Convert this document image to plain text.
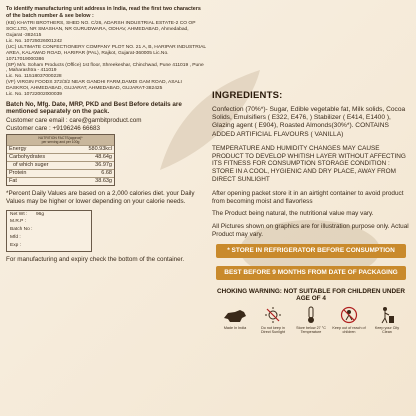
To identify manufacturing unit address in India, read the first two characters of the batch number & see below :

(KB) KHATRI BROTHERS, SHED NO. C/26, ADARSH INDUSTRIAL ESTATE-2 CO OP SOC.LTD, NR SMASHAN, NR GURUDWARA, ODHAV, AHMEDABAD, Ahmedabad, Gujarat -382415

Lic. No. 10725026001242

(UC) ULTIMATE CONFECTIONERY COMPANY PLOT NO. 21 A, B, HARIPAR INDUSTRIAL AREA, KALAWAD ROAD, HARIPAR (PAL), Rajkot, Gujarat-360005 Lic.No. 10717019000386

(SP) M/s. Soham Products (Office) 1st floor, Shreekeshar, Chinchwad, Pune 411019 , Pune , Maharashtra - 411019

Lic. No. 11518037000228

(VF) VIRGIN FOODS 372/3/2 NEAR GANDHI FARM,DAMDI GAM ROAD, ASALI DASKROI, AHMEDABAD, GUJARAT, AHMEDABAD, GUJARAT-382425

Lic. No. 10722002000039

Batch No, Mfg. Date, MRP, PKD and Best Before details are mentioned separately on the pack.

Customer care email : care@gambitproduct.com
Customer care : +9196246 66683
NUTRITION FACTS(approx)*
per serving and per 100g
Energy	580.93kcl
Carbohydrates	48.64g
of which suger	36.97g
Protein	6.68
Fat	38.63g

*Percent Daily Values are based on a 2,000 calories diet. your Daily Values may be higher or lower depending on your calorie needs.

Net Wt :	96g
M.R.P :
Batch No :
Mfd :
Exp :

For manufacturing and expiry check the bottom of the container.

INGREDIENTS:

Confection (70%*)- Sugar, Edible vegetable fat, Milk solids, Cocoa Solids, Emulsifiers ( E322, E476, ) Stabilizer ( E414, E1400 ), Glazing agent ( E904), Roasted Almonds(30%*). CONTAINS ADDED ARTIFICIAL FLAVOURS ( VANILLA)

TEMPERATURE AND HUMIDITY CHANGES MAY CAUSE PRODUCT TO DEVELOP WHITISH LAYER WITHOUT AFFECTING ITS FITNESS FOR CONSUMPTION STORAGE CONDITION : STORE IN A COOL, HYGIENIC AND DRY PLACE, AWAY FROM DIRECT SUNLIGHT

After opening packet store it in an airtight container to avoid product from becoming moist and flavorless

The Product being natural, the nutritional value may vary.

All Pictures shown on graphics are for illustration purpose only. Actual Product may vary.

* STORE IN REFRIGERATOR BEFORE CONSUMPTION
BEST BEFORE 9 MONTHS FROM DATE OF PACKAGING
CHOKING WARNING: NOT SUITABLE FOR CHILDREN UNDER AGE OF 4
Made In India	Do not keep in Direct Sunlight
Store below 27 °C Temperature
Keep out of reach of children
Keep your City Clean
